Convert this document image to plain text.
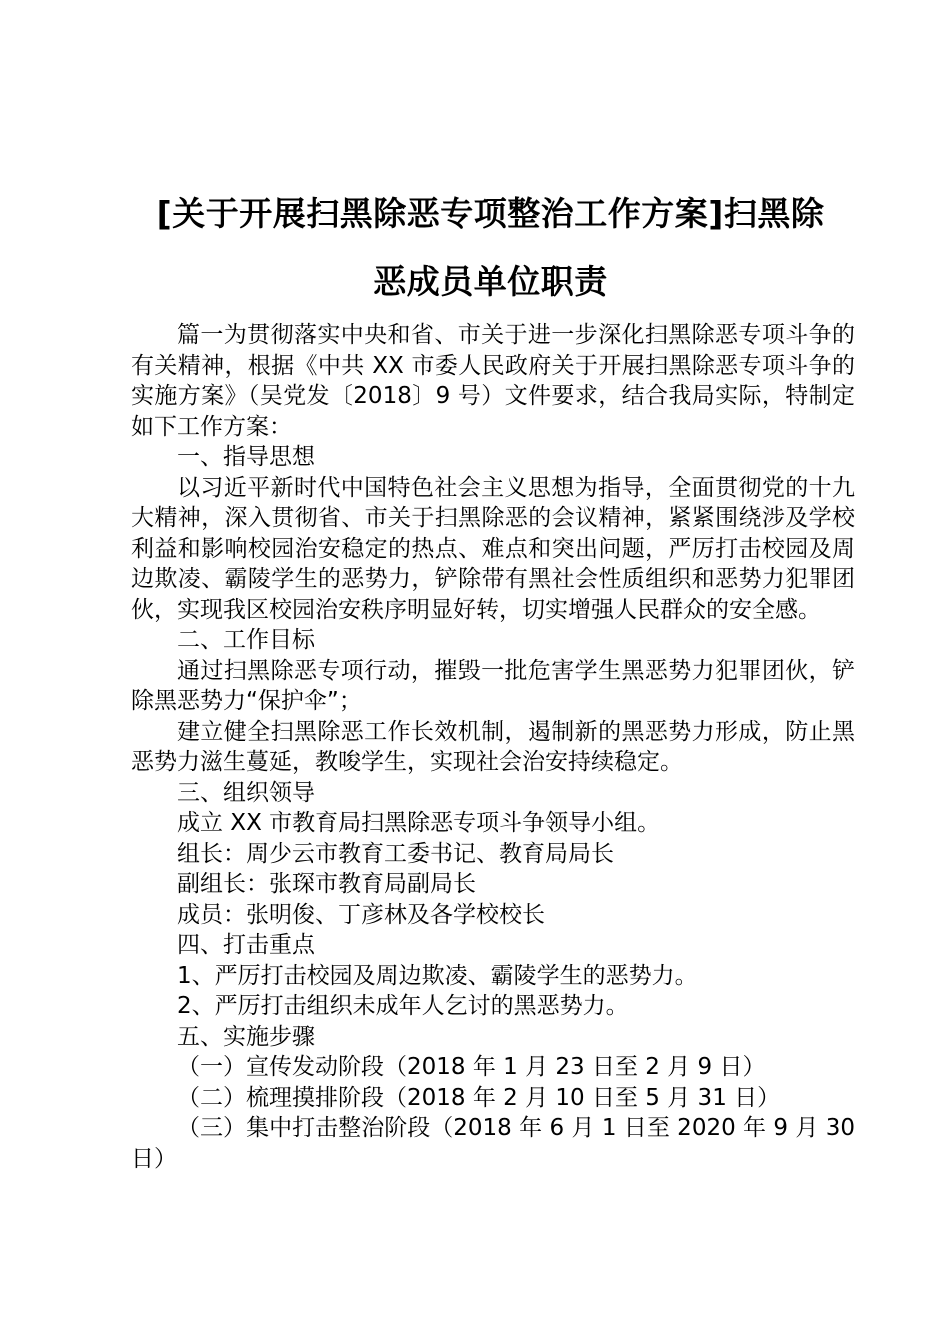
[关于开展扫黑除恶专项整治工作方案]扫黑除
恶成员单位职责

篇一为贯彻落实中央和省、市关于进一步深化扫黑除恶专项斗争的有关精神，根据《中共 XX 市委人民政府关于开展扫黑除恶专项斗争的实施方案》（吴党发〔2018〕9 号）文件要求，结合我局实际，特制定如下工作方案：

一、指导思想

以习近平新时代中国特色社会主义思想为指导，全面贯彻党的十九大精神，深入贯彻省、市关于扫黑除恶的会议精神，紧紧围绕涉及学校利益和影响校园治安稳定的热点、难点和突出问题，严厉打击校园及周边欺凌、霸陵学生的恶势力，铲除带有黑社会性质组织和恶势力犯罪团伙，实现我区校园治安秩序明显好转，切实增强人民群众的安全感。

二、工作目标

通过扫黑除恶专项行动，摧毁一批危害学生黑恶势力犯罪团伙，铲除黑恶势力“保护伞”；

建立健全扫黑除恶工作长效机制，遏制新的黑恶势力形成，防止黑恶势力滋生蔓延，教唆学生，实现社会治安持续稳定。

三、组织领导

成立 XX 市教育局扫黑除恶专项斗争领导小组。

组长：周少云市教育工委书记、教育局局长

副组长：张琛市教育局副局长

成员：张明俊、丁彦林及各学校校长

四、打击重点

1、严厉打击校园及周边欺凌、霸陵学生的恶势力。

2、严厉打击组织未成年人乞讨的黑恶势力。

五、实施步骤

（一）宣传发动阶段（2018 年 1 月 23 日至 2 月 9 日）

（二）梳理摸排阶段（2018 年 2 月 10 日至 5 月 31 日）

（三）集中打击整治阶段（2018 年 6 月 1 日至 2020 年 9 月 30 日）
